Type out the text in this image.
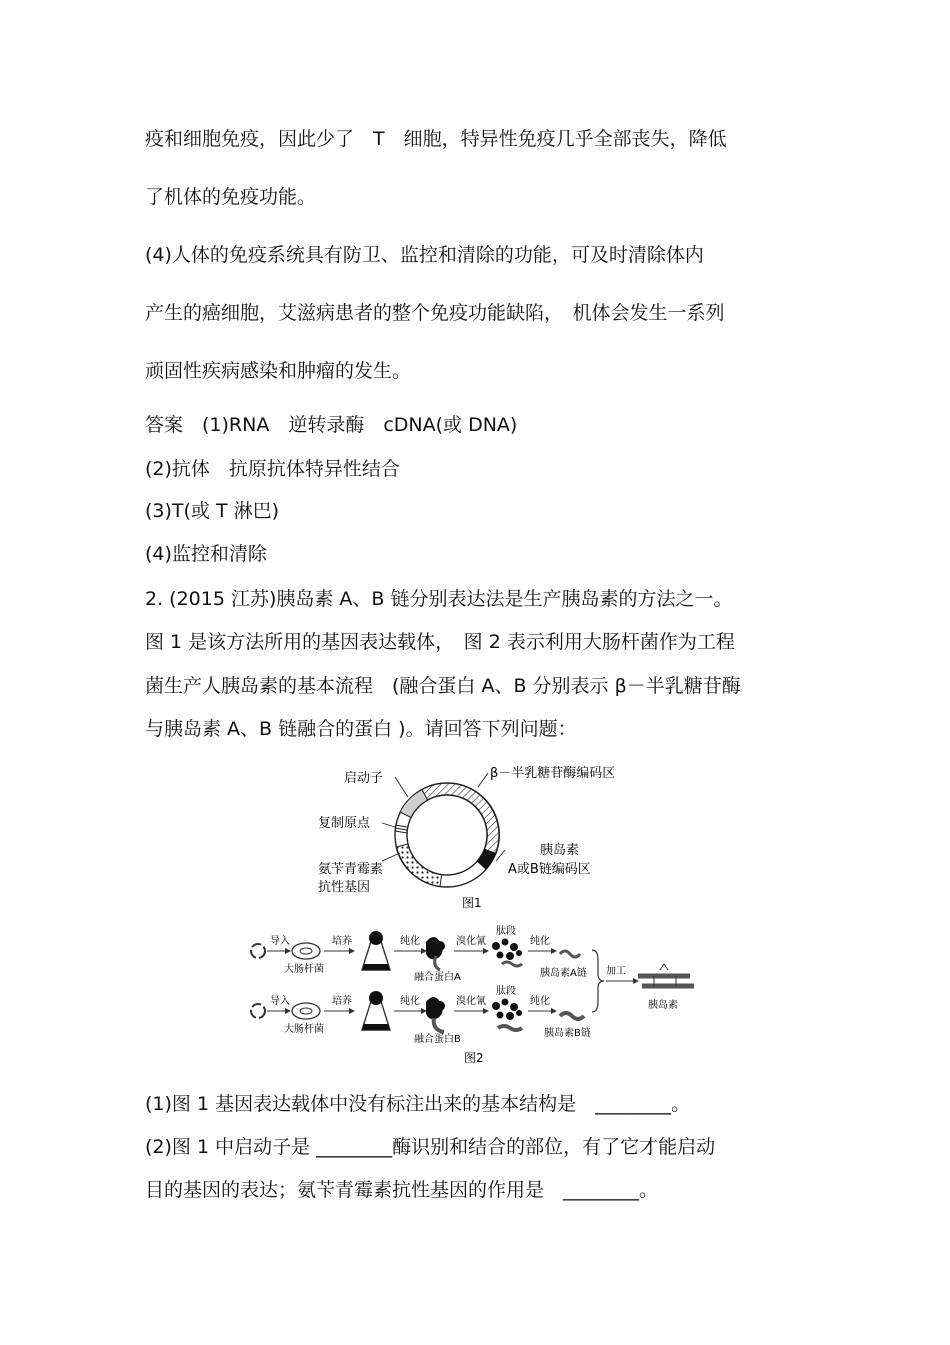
疫和细胞免疫，因此少了　T　细胞，特异性免疫几乎全部丧失，降低
了机体的免疫功能。
(4)人体的免疫系统具有防卫、监控和清除的功能，可及时清除体内
产生的癌细胞，艾滋病患者的整个免疫功能缺陷，　机体会发生一系列
顽固性疾病感染和肿瘤的发生。
答案　(1)RNA　逆转录酶　cDNA(或 DNA)
(2)抗体　抗原抗体特异性结合
(3)T(或 T 淋巴)
(4)监控和清除
2. (2015 江苏)胰岛素 A、B 链分别表达法是生产胰岛素的方法之一。
图 1 是该方法所用的基因表达载体，　图 2 表示利用大肠杆菌作为工程
菌生产人胰岛素的基本流程　(融合蛋白 A、B 分别表示 β－半乳糖苷酶
与胰岛素 A、B 链融合的蛋白 )。请回答下列问题：
启动子	β－半乳糖苷酶编码区
复制原点
胰岛素
A或B链编码区
氨苄青霉素
抗性基因
图1
导入
大肠杆菌
培养	纯化
融合蛋白A
溴化氰
肽段
纯化
胰岛素A链
导入
大肠杆菌
培养	纯化
融合蛋白B
溴化氰
肽段
纯化
胰岛素B链
加工
胰岛素
图2
(1)图 1 基因表达载体中没有标注出来的基本结构是　________。
(2)图 1 中启动子是 ________酶识别和结合的部位，有了它才能启动
目的基因的表达；氨苄青霉素抗性基因的作用是　________。
